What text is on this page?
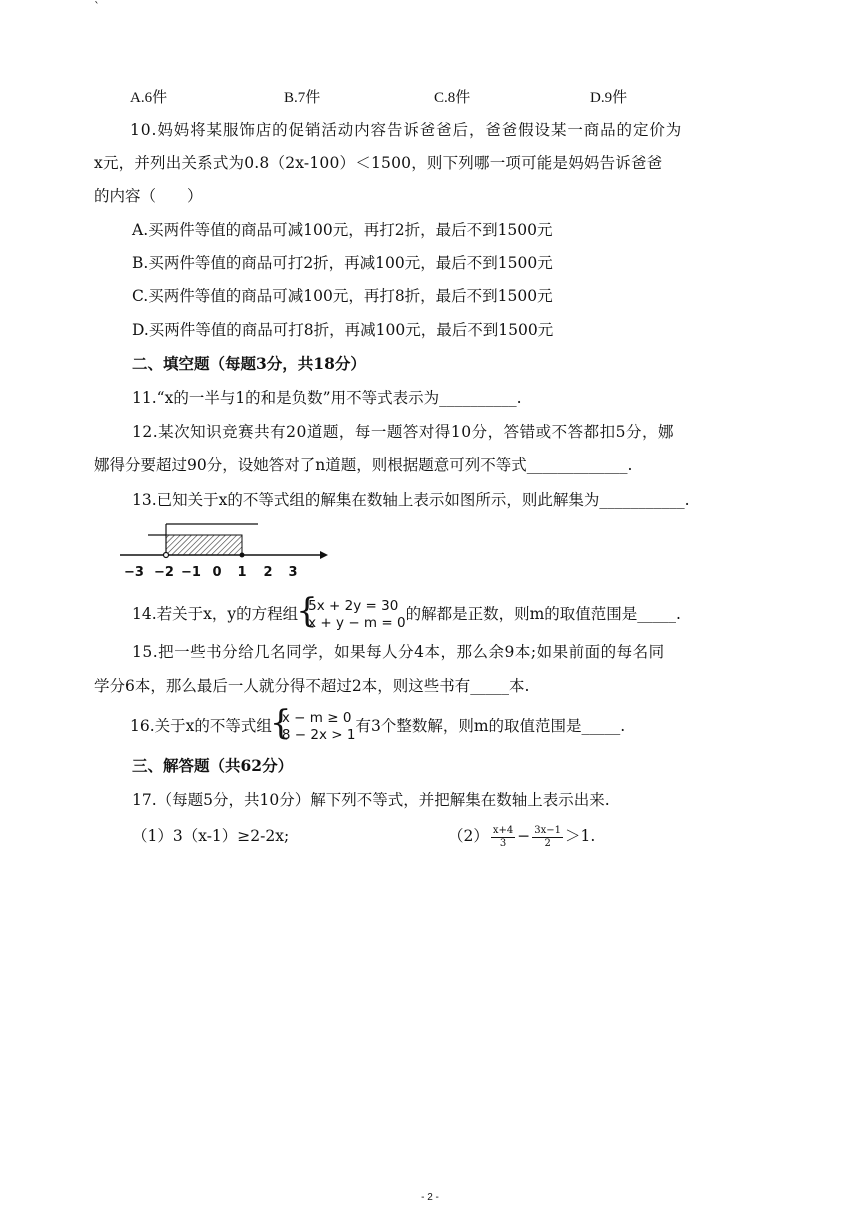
`
A.6件	B.7件	C.8件	D.9件
10.妈妈将某服饰店的促销活动内容告诉爸爸后，爸爸假设某一商品的定价为
x元，并列出关系式为0.8（2x-100）＜1500，则下列哪一项可能是妈妈告诉爸爸
的内容（　　）
A.买两件等值的商品可减100元，再打2折，最后不到1500元
B.买两件等值的商品可打2折，再减100元，最后不到1500元
C.买两件等值的商品可减100元，再打8折，最后不到1500元
D.买两件等值的商品可打8折，再减100元，最后不到1500元
二、填空题（每题3分，共18分）
11.“x的一半与1的和是负数”用不等式表示为__________.
12.某次知识竞赛共有20道题，每一题答对得10分，答错或不答都扣5分，娜
娜得分要超过90分，设她答对了n道题，则根据题意可列不等式_____________.
13.已知关于x的不等式组的解集在数轴上表示如图所示，则此解集为___________.
−3 −2 −1 0 1 2 3
14.若关于x，y的方程组
{
5x + 2y = 30
x + y − m = 0 的解都是正数，则m的取值范围是_____.
15.把一些书分给几名同学，如果每人分4本，那么余9本;如果前面的每名同
学分6本，那么最后一人就分得不超过2本，则这些书有_____本.
16.关于x的不等式组
{
x − m ≥ 0
8 − 2x > 1 有3个整数解，则m的取值范围是_____.
三、解答题（共62分）
17.（每题5分，共10分）解下列不等式，并把解集在数轴上表示出来.
（1）3（x-1）≥2-2x;	$(2) \frac{x+4}{3} - \frac{3x-1}{2} >1$.
- 2 -
